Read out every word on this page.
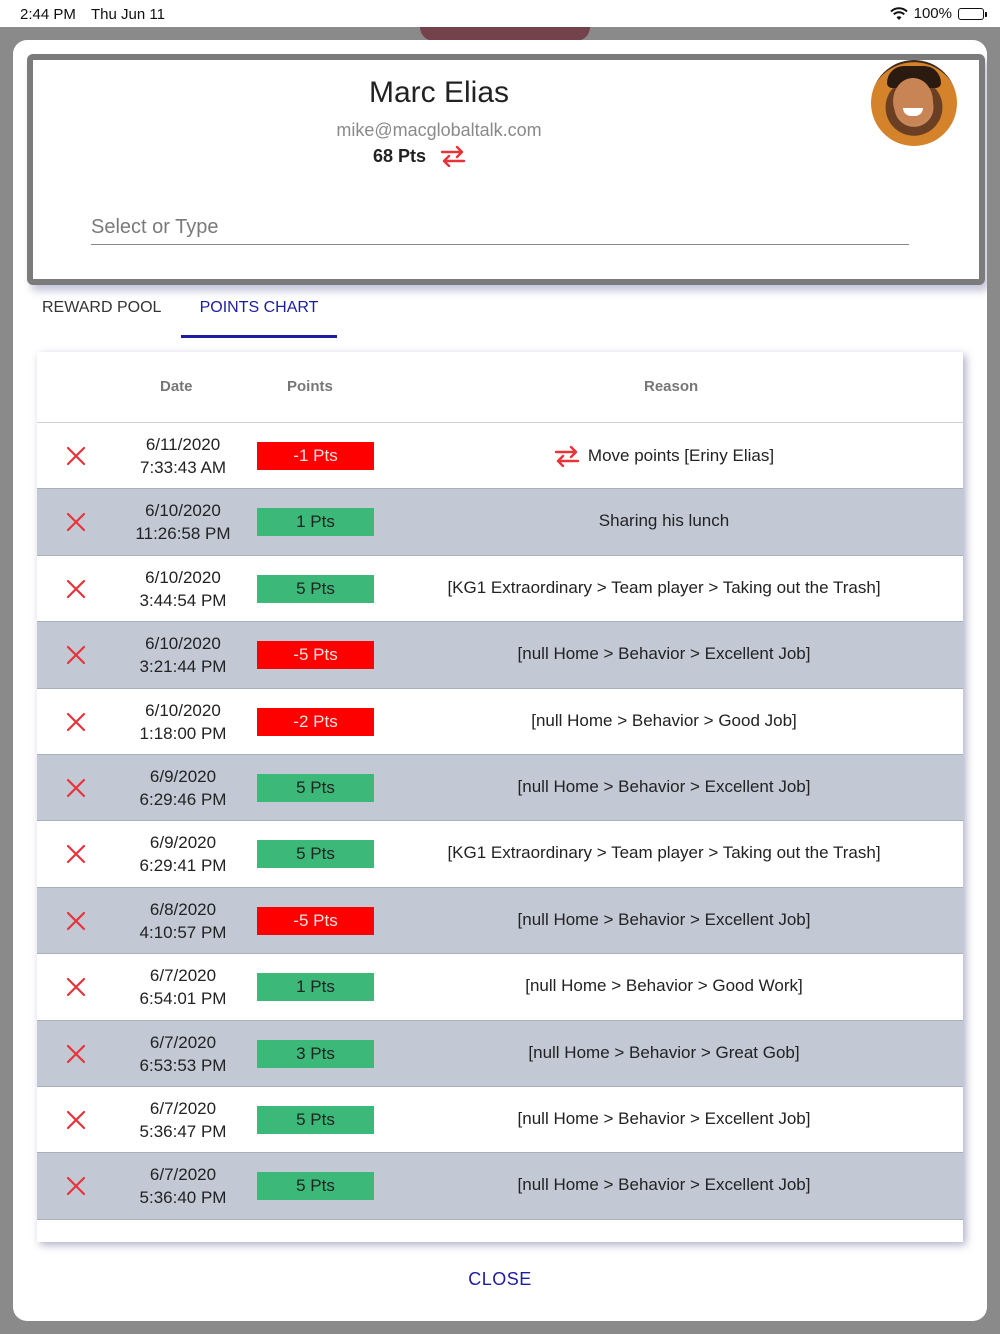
2:44 PM Thu Jun 11	100%
Marc Elias
mike@macglobaltalk.com
68 Pts
Select or Type
REWARD POOL	POINTS CHART
Date	Points	Reason
6/11/2020
7:33:43 AM
-1 Pts	Move points [Eriny Elias]
6/10/2020
11:26:58 PM
1 Pts	Sharing his lunch
6/10/2020
3:44:54 PM
5 Pts	[KG1 Extraordinary > Team player > Taking out the Trash]
6/10/2020
3:21:44 PM
-5 Pts	[null Home > Behavior > Excellent Job]
6/10/2020
1:18:00 PM
-2 Pts	[null Home > Behavior > Good Job]
6/9/2020
6:29:46 PM
5 Pts	[null Home > Behavior > Excellent Job]
6/9/2020
6:29:41 PM
5 Pts	[KG1 Extraordinary > Team player > Taking out the Trash]
6/8/2020
4:10:57 PM
-5 Pts	[null Home > Behavior > Excellent Job]
6/7/2020
6:54:01 PM
1 Pts	[null Home > Behavior > Good Work]
6/7/2020
6:53:53 PM
3 Pts	[null Home > Behavior > Great Gob]
6/7/2020
5:36:47 PM
5 Pts	[null Home > Behavior > Excellent Job]
6/7/2020
5:36:40 PM
5 Pts	[null Home > Behavior > Excellent Job]
CLOSE
